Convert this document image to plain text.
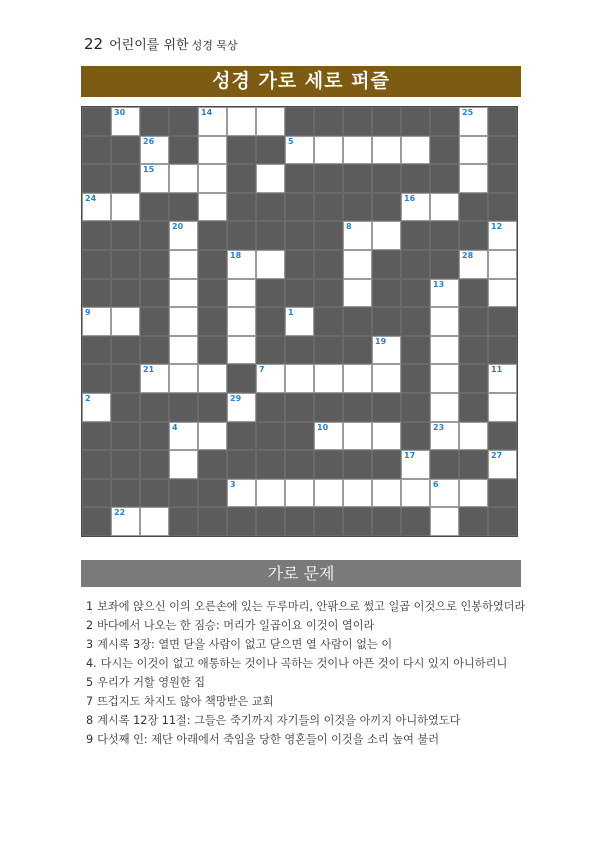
22 어린이를 위한 성경 묵상
성경 가로 세로 퍼즐
30	14	25
26	5
15
24	16
20	8	12
18	28
13
9	1
19
21	7	11
2	29
4	10	23
17	27
3	6
22
가로 문제
1 보좌에 앉으신 이의 오른손에 있는 두루마리, 안팎으로 썼고 일곱 이것으로 인봉하였더라
2 바다에서 나오는 한 짐승: 머리가 일곱이요 이것이 열이라
3 계시록 3장: 열면 닫을 사람이 없고 닫으면 열 사람이 없는 이
4. 다시는 이것이 없고 애통하는 것이나 곡하는 것이나 아픈 것이 다시 있지 아니하리니
5 우리가 거할 영원한 집
7 뜨겁지도 차지도 않아 책망받은 교회
8 계시록 12장 11절: 그들은 죽기까지 자기들의 이것을 아끼지 아니하였도다
9 다섯째 인: 제단 아래에서 죽임을 당한 영혼들이 이것을 소리 높여 불러
